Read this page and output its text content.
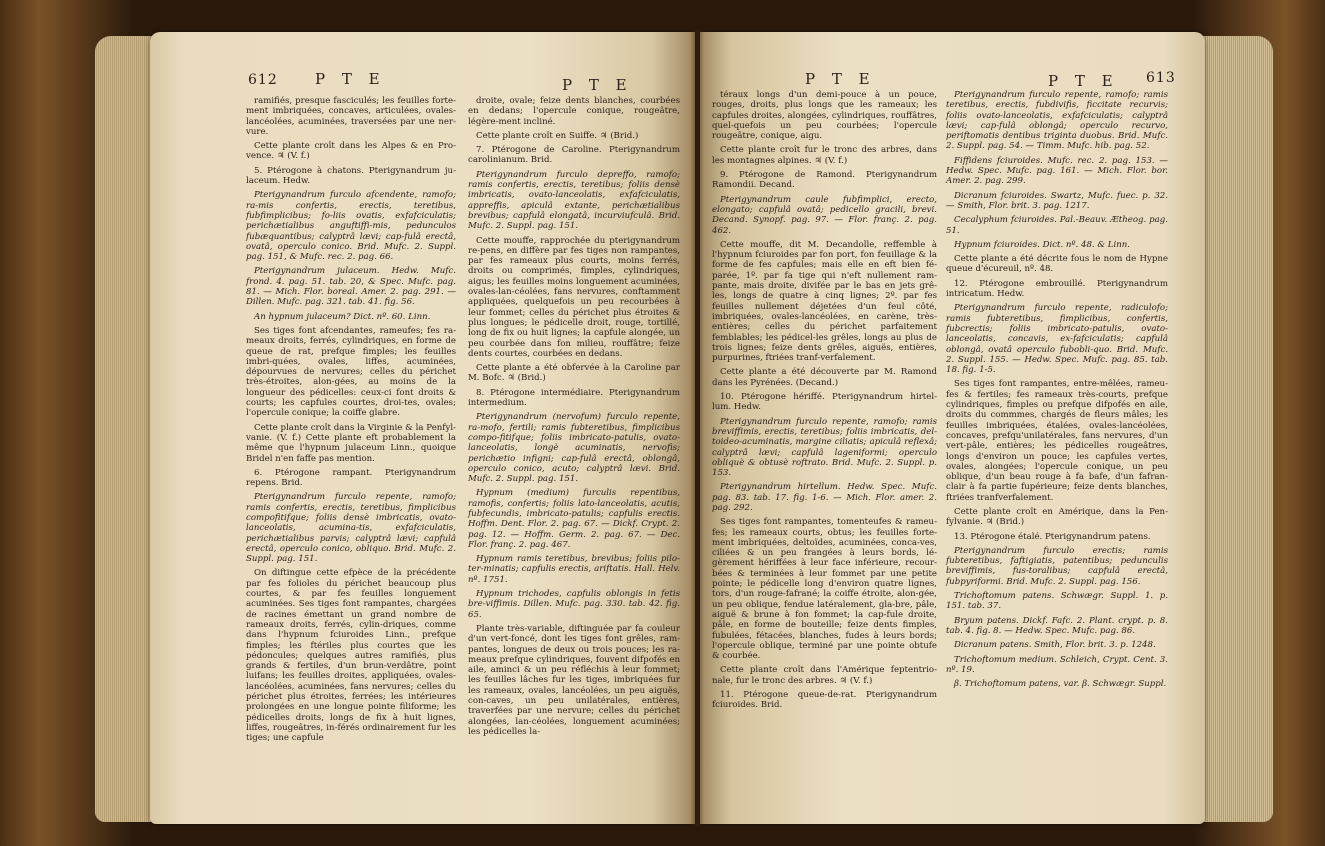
612 P T E	P T E	P T E	P T E 613

ramifiés, presque fasciculés; les feuilles forte-ment imbriquées, concaves, articulées, ovales-lancéolées, acuminées, traversées par une ner-vure.

Cette plante croît dans les Alpes & en Pro-vence. ♃ (V. f.)

5. Ptérogone à chatons. Pterigynandrum ju-laceum. Hedw.

Pterigynandrum furculo afcendente, ramofo; ra-mis confertis, erectis, teretibus, fubfimplicibus; fo-liis ovatis, exfafciculatis; perichætialibus anguftiffi-mis, pedunculos fubæquantibus; calyptrâ lævi; cap-fulâ erectâ, ovatâ, operculo conico. Brid. Mufc. 2. Suppl. pag. 151, & Mufc. rec. 2. pag. 66.

Pterigynandrum julaceum. Hedw. Mufc. frond. 4. pag. 51. tab. 20, & Spec. Mufc. pag. 81. — Mich. Flor. boreal. Amer. 2. pag. 291. — Dillen. Mufc. pag. 321. tab. 41. fig. 56.

An hypnum julaceum? Dict. nº. 60. Linn.

Ses tiges font afcendantes, rameufes; fes ra-meaux droits, ferrés, cylindriques, en forme de queue de rat, prefque fimples; les feuilles imbri-quées, ovales, liffes, acuminées, dépourvues de nervures; celles du périchet très-étroites, alon-gées, au moins de la longueur des pédicelles: ceux-ci font droits & courts; les capfules courtes, droi-tes, ovales; l'opercule conique; la coiffe glabre.

Cette plante croît dans la Virginie & la Penfyl-vanie. (V. f.) Cette plante eft probablement la même que l'hypnum julaceum Linn., quoique Bridel n'en faffe pas mention.

6. Ptérogone rampant. Pterigynandrum repens. Brid.

Pterigynandrum furculo repente, ramofo; ramis confertis, erectis, teretibus, fimplicibus compofitifque; foliis densè imbricatis, ovato-lanceolatis, acumina-tis, exfafciculatis, perichætialibus parvis; calyptrâ lævi; capfulâ erectâ, operculo conico, obliquo. Brid. Mufc. 2. Suppl. pag. 151.

On diftingue cette efpèce de la précédente par fes folioles du périchet beaucoup plus courtes, & par fes feuilles longuement acuminées. Ses tiges font rampantes, chargées de racines émettant un grand nombre de rameaux droits, ferrés, cylin-driques, comme dans l'hypnum fciuroides Linn., prefque fimples; les ftériles plus courtes que les pédoncules; quelques autres ramifiés, plus grands & fertiles, d'un brun-verdâtre, point luifans; les feuilles droites, appliquées, ovales-lancéolées, acuminées, fans nervures; celles du périchet plus étroites, ferrées; les intérieures prolongées en une longue pointe filiforme; les pédicelles droits, longs de fix à huit lignes, liffes, rougeâtres, in-férés ordinairement fur les tiges; une capfule

droite, ovale; feize dents blanches, courbées en dedans; l'opercule conique, rougeâtre, légère-ment incliné.

Cette plante croît en Suiffe. ♃ (Brid.)

7. Ptérogone de Caroline. Pterigynandrum carolinianum. Brid.

Pterigynandrum furculo depreffo, ramofo; ramis confertis, erectis, teretibus; foliis densè imbricatis, ovato-lanceolatis, exfafciculatis, appreffis, apiculâ extante, perichætialibus brevibus; capfulâ elongatâ, incurviufculâ. Brid. Mufc. 2. Suppl. pag. 151.

Cette mouffe, rapprochée du pterigynandrum re-pens, en diffère par fes tiges non rampantes, par fes rameaux plus courts, moins ferrés, droits ou comprimés, fimples, cylindriques, aigus; les feuilles moins longuement acuminées, ovales-lan-céolées, fans nervures, conftamment appliquées, quelquefois un peu recourbées à leur fommet; celles du périchet plus étroites & plus longues; le pédicelle droit, rouge, tortillé, long de fix ou huit lignes; la capfule alongée, un peu courbée dans fon milieu, rouffâtre; feize dents courtes, courbées en dedans.

Cette plante a été obfervée à la Caroline par M. Bofc. ♃ (Brid.)

8. Ptérogone intermédiaire. Pterigynandrum intermedium.

Pterigynandrum (nervofum) furculo repente, ra-mofo, fertili; ramis fubteretibus, fimplicibus compo-fitifque; foliis imbricato-patulis, ovato-lanceolatis, longè acuminatis, nervofis; perichætio infigni; cap-fulâ erectâ, oblongâ, operculo conico, acuto; calyptrâ lævi. Brid. Mufc. 2. Suppl. pag. 151.

Hypnum (medium) furculis repentibus, ramofis, confertis; foliis lato-lanceolatis, acutis, fubfecundis, imbricato-patulis; capfulis erectis. Hoffm. Dent. Flor. 2. pag. 67. — Dickf. Crypt. 2. pag. 12. — Hoffm. Germ. 2. pag. 67. — Dec. Flor. franç. 2. pag. 467.

Hypnum ramis teretibus, brevibus; foliis pilo-ter-minatis; capfulis erectis, ariftatis. Hall. Helv. nº. 1751.

Hypnum trichodes, capfulis oblongis in fetis bre-viffimis. Dillen. Mufc. pag. 330. tab. 42. fig. 65.

Plante très-variable, diftinguée par fa couleur d'un vert-foncé, dont les tiges font grêles, ram-pantes, longues de deux ou trois pouces; les ra-meaux prefque cylindriques, fouvent difpofés en aile, aminci & un peu réfléchis à leur fommet; les feuilles lâches fur les tiges, imbriquées fur les rameaux, ovales, lancéolées, un peu aiguës, con-caves, un peu unilatérales, entières, traverfées par une nervure; celles du périchet alongées, lan-céolées, longuement acuminées; les pédicelles la-

téraux longs d'un demi-pouce à un pouce, rouges, droits, plus longs que les rameaux; les capfules droites, alongées, cylindriques, rouffâtres, quel-quefois un peu courbées; l'opercule rougeâtre, conique, aigu.

Cette plante croît fur le tronc des arbres, dans les montagnes alpines. ♃ (V. f.)

9. Ptérogone de Ramond. Pterigynandrum Ramondii. Decand.

Pterigynandrum caule fubfimplici, erecto, elongato; capfulâ ovatâ; pedicello gracili, brevi. Decand. Synopf. pag. 97. — Flor. franç. 2. pag. 462.

Cette mouffe, dit M. Decandolle, reffemble à l'hypnum fciuroides par fon port, fon feuillage & la forme de fes capfules; mais elle en eft bien fé-parée, 1º. par fa tige qui n'eft nullement ram-pante, mais droite, divifée par le bas en jets grê-les, longs de quatre à cinq lignes; 2º. par fes feuilles nullement déjetées d'un feul côté, imbriquées, ovales-lancéolées, en carène, très-entières; celles du périchet parfaitement femblables; les pédicel-les grêles, longs au plus de trois lignes; feize dents grêles, aiguës, entières, purpurines, ftriées tranf-verfalement.

Cette plante a été découverte par M. Ramond dans les Pyrénées. (Decand.)

10. Ptérogone hériffé. Pterigynandrum hirtel-lum. Hedw.

Pterigynandrum furculo repente, ramofo; ramis breviffimis, erectis, teretibus; foliis imbricatis, del-toideo-acuminatis, margine ciliatis; apiculâ reflexâ; calyptrâ lævi; capfulâ lageniformi; operculo obliquè & obtusè roftrato. Brid. Mufc. 2. Suppl. p. 153.

Pterigynandrum hirtellum. Hedw. Spec. Mufc. pag. 83. tab. 17. fig. 1-6. — Mich. Flor. amer. 2. pag. 292.

Ses tiges font rampantes, tomenteufes & rameu-fes; les rameaux courts, obtus; les feuilles forte-ment imbriquées, deltoïdes, acuminées, conca-ves, ciliées & un peu frangées à leurs bords, lé-gèrement hériffées à leur face inférieure, recour-bées & terminées à leur fommet par une petite pointe; le pédicelle long d'environ quatre lignes, tors, d'un rouge-fafrané; la coiffe étroite, alon-gée, un peu oblique, fendue latéralement, gla-bre, pâle, aiguë & brune à fon fommet; la cap-fule droite, pâle, en forme de bouteille; feize dents fimples, fubulées, fétacées, blanches, fudes à leurs bords; l'opercule oblique, terminé par une pointe obtufe & courbée.

Cette plante croît dans l'Amérique feptentrio-nale, fur le tronc des arbres. ♃ (V. f.)

11. Ptérogone queue-de-rat. Pterigynandrum fciuroides. Brid.

Pterigynandrum furculo repente, ramofo; ramis teretibus, erectis, fubdivifis, ficcitate recurvis; foliis ovato-lanceolatis, exfafciculatis; calyptrâ lævi; cap-fulâ oblongâ; operculo recurvo, periftomatis dentibus triginta duobus. Brid. Mufc. 2. Suppl. pag. 54. — Timm. Mufc. hib. pag. 52.

Fiffidens fciuroides. Mufc. rec. 2. pag. 153. — Hedw. Spec. Mufc. pag. 161. — Mich. Flor. bor. Amer. 2. pag. 299.

Dicranum fciuroides. Swartz, Mufc. fuec. p. 32. — Smith, Flor. brit. 3. pag. 1217.

Cecalyphum fciuroides. Pal.-Beauv. Ætheog. pag. 51.

Hypnum fciuroides. Dict. nº. 48. & Linn.

Cette plante a été décrite fous le nom de Hypne queue d'écureuil, nº. 48.

12. Ptérogone embrouillé. Pterigynandrum intricatum. Hedw.

Pterigynandrum furculo repente, radiculofo; ramis fubteretibus, fimplicibus, confertis, fubcrectis; foliis imbricato-patulis, ovato-lanceolatis, concavis, ex-fafciculatis; capfulâ oblongâ, ovatâ operculo fubobli-quo. Brid. Mufc. 2. Suppl. 155. — Hedw. Spec. Mufc. pag. 85. tab. 18. fig. 1-5.

Ses tiges font rampantes, entre-mêlées, rameu-fes & fertiles; fes rameaux très-courts, prefque cylindriques, fimples ou prefque difpofés en aile, droits du commmes, chargés de fleurs mâles; les feuilles imbriquées, étalées, ovales-lancéolées, concaves, prefqu'unilatérales, fans nervures, d'un vert-pâle, entières; les pédicelles rougeâtres, longs d'environ un pouce; les capfules vertes, ovales, alongées; l'opercule conique, un peu oblique, d'un beau rouge à fa bafe, d'un fafran-clair à fa partie fupérieure; feize dents blanches, ftriées tranfverfalement.

Cette plante croît en Amérique, dans la Pen-fylvanie. ♃ (Brid.)

13. Ptérogone étalé. Pterigynandrum patens.

Pterigynandrum furculo erectis; ramis fubteretibus, faftigiatis, patentibus; pedunculis breviffimis, fus-toralibus; capfulâ erectâ, fubpyriformi. Brid. Mufc. 2. Suppl. pag. 156.

Trichoftomum patens. Schwægr. Suppl. 1. p. 151. tab. 37.

Bryum patens. Dickf. Fafc. 2. Plant. crypt. p. 8. tab. 4. fig. 8. — Hedw. Spec. Mufc. pag. 86.

Dicranum patens. Smith, Flor. brit. 3. p. 1248.

Trichoftomum medium. Schleich, Crypt. Cent. 3. nº. 19.

β. Trichoftomum patens, var. β. Schwægr. Suppl.
